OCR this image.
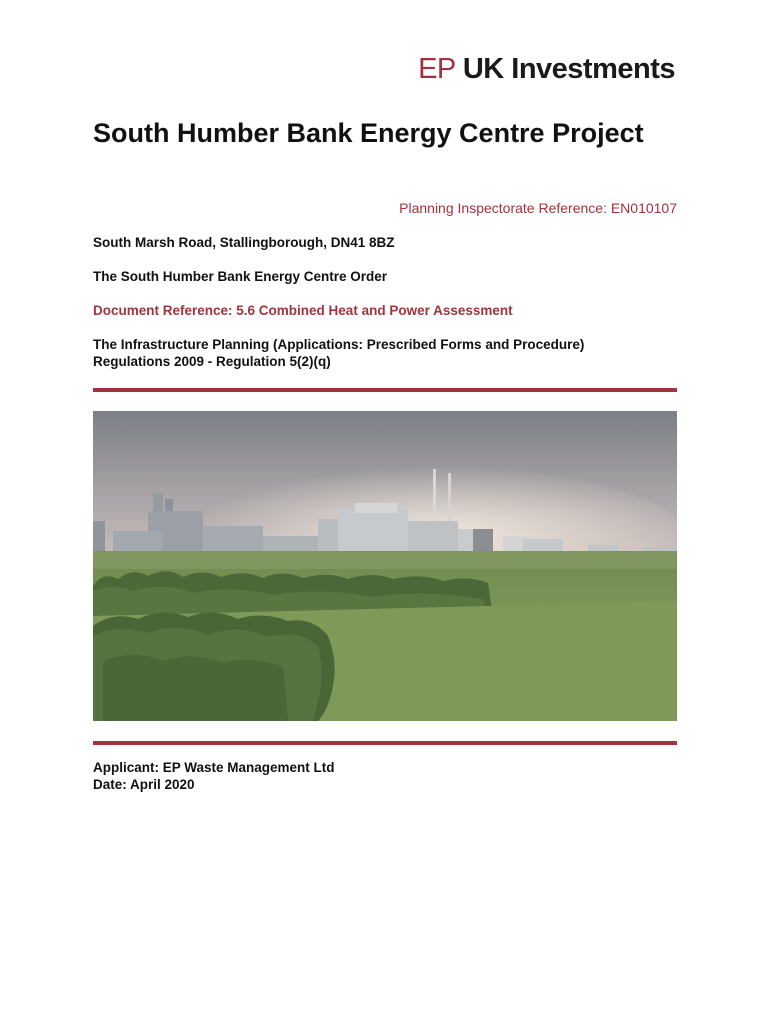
EP UK Investments
South Humber Bank Energy Centre Project
Planning Inspectorate Reference: EN010107

South Marsh Road, Stallingborough, DN41 8BZ

The South Humber Bank Energy Centre Order

Document Reference: 5.6 Combined Heat and Power Assessment

The Infrastructure Planning (Applications: Prescribed Forms and Procedure)

Regulations 2009 - Regulation 5(2)(q)

Applicant: EP Waste Management Ltd

Date: April 2020
